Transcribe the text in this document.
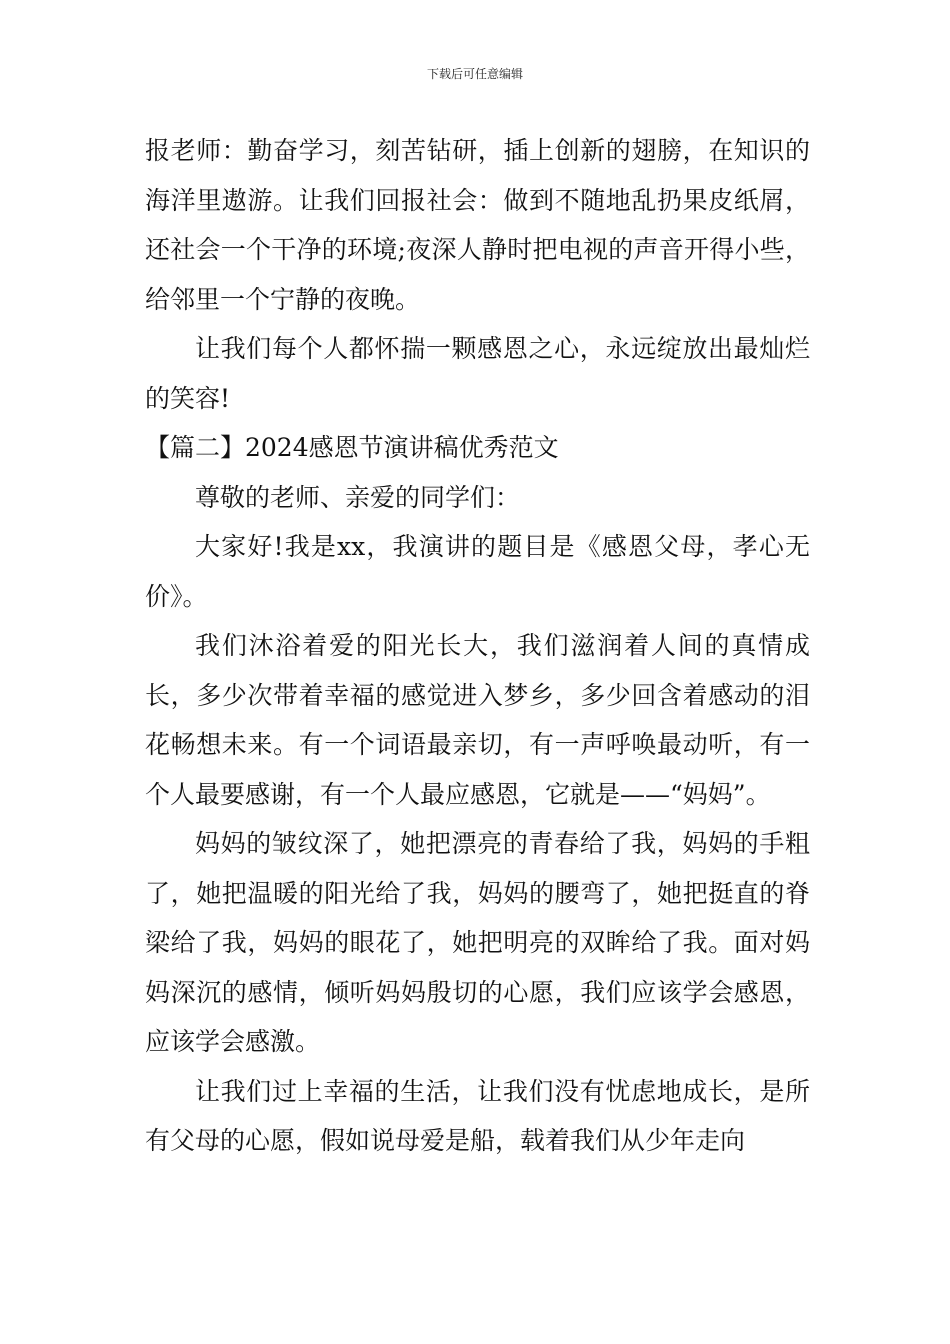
下载后可任意编辑

报老师：勤奋学习，刻苦钻研，插上创新的翅膀，在知识的海洋里遨游。让我们回报社会：做到不随地乱扔果皮纸屑，还社会一个干净的环境;夜深人静时把电视的声音开得小些，给邻里一个宁静的夜晚。

让我们每个人都怀揣一颗感恩之心，永远绽放出最灿烂的笑容!

【篇二】2024感恩节演讲稿优秀范文

尊敬的老师、亲爱的同学们：

大家好!我是xx，我演讲的题目是《感恩父母，孝心无价》。

我们沐浴着爱的阳光长大，我们滋润着人间的真情成长，多少次带着幸福的感觉进入梦乡，多少回含着感动的泪花畅想未来。有一个词语最亲切，有一声呼唤最动听，有一个人最要感谢，有一个人最应感恩，它就是——“妈妈”。

妈妈的皱纹深了，她把漂亮的青春给了我，妈妈的手粗了，她把温暖的阳光给了我，妈妈的腰弯了，她把挺直的脊梁给了我，妈妈的眼花了，她把明亮的双眸给了我。面对妈妈深沉的感情，倾听妈妈殷切的心愿，我们应该学会感恩，应该学会感激。

让我们过上幸福的生活，让我们没有忧虑地成长，是所有父母的心愿，假如说母爱是船，载着我们从少年走向
